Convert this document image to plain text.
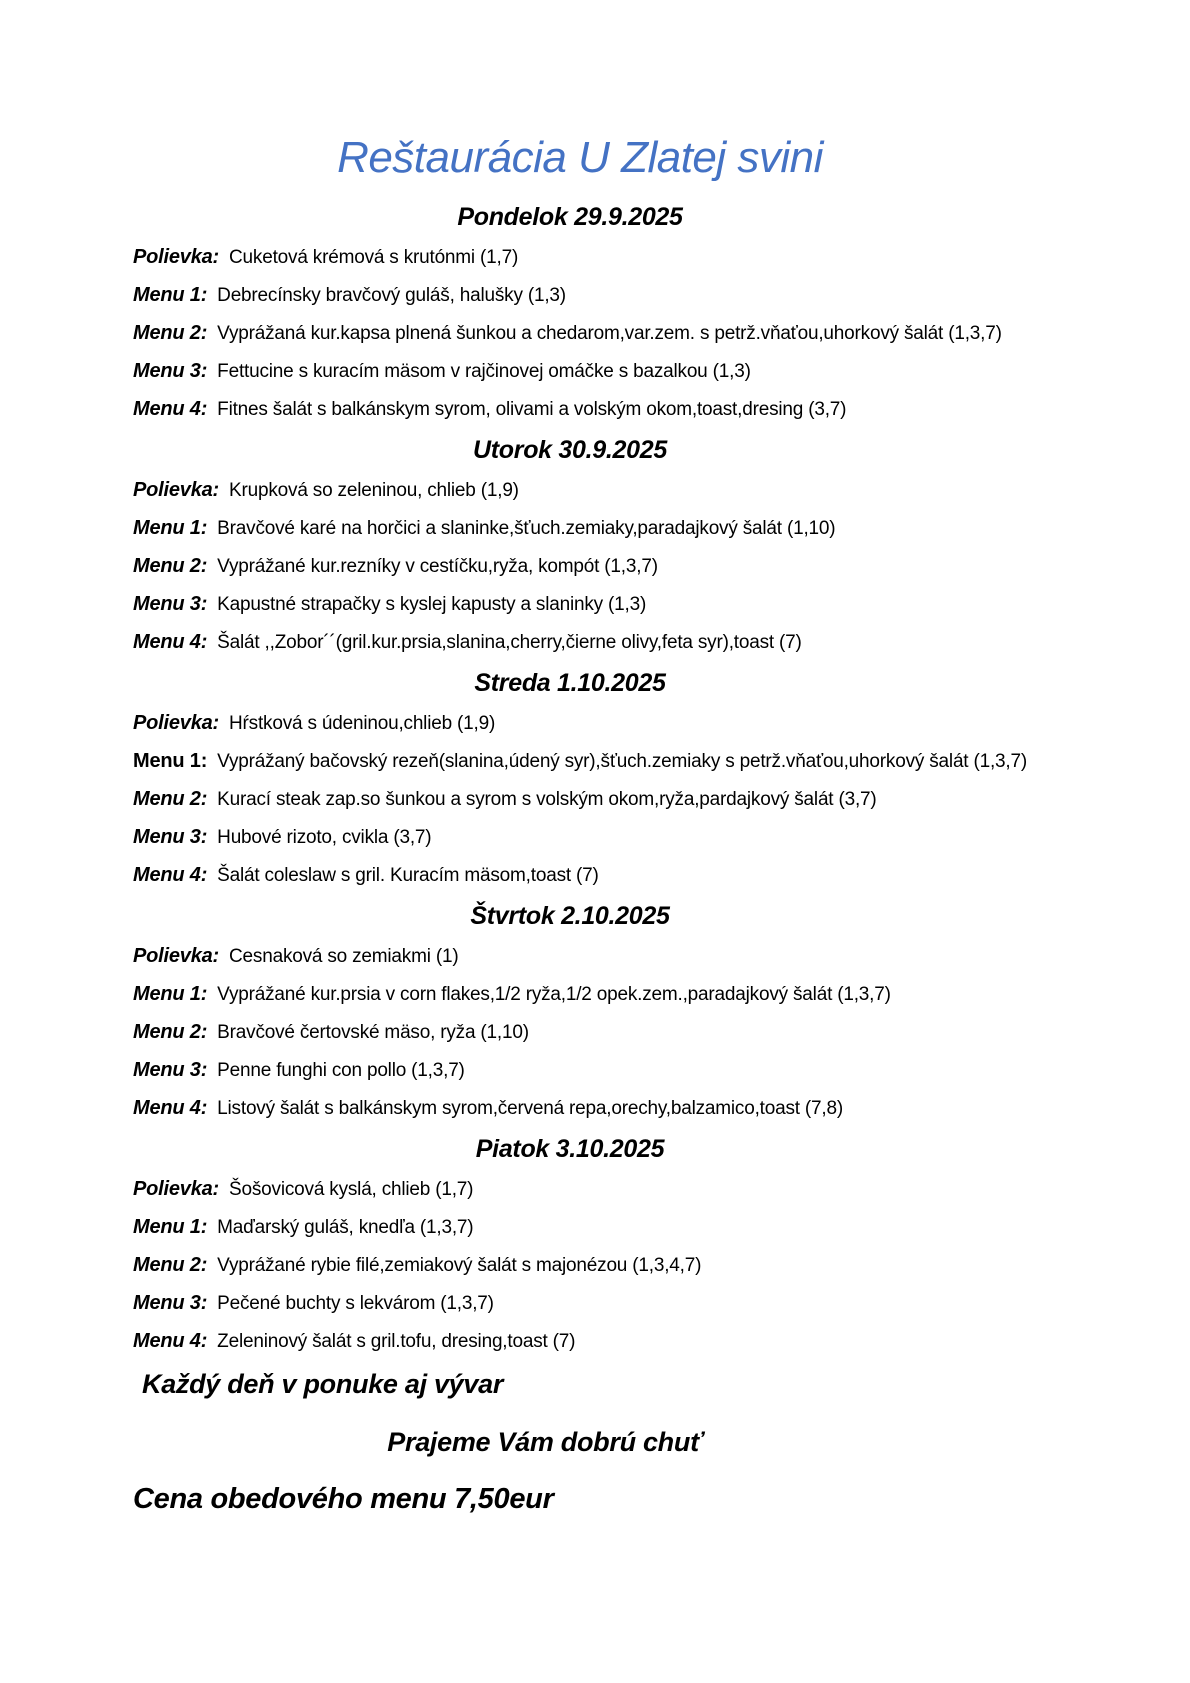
Reštaurácia U Zlatej svini
Pondelok 29.9.2025
Polievka: Cuketová krémová s krutónmi (1,7)
Menu 1: Debrecínsky bravčový guláš, halušky (1,3)
Menu 2: Vyprážaná kur.kapsa plnená šunkou a chedarom,var.zem. s petrž.vňaťou,uhorkový šalát (1,3,7)
Menu 3: Fettucine s kuracím mäsom v rajčinovej omáčke s bazalkou (1,3)
Menu 4: Fitnes šalát s balkánskym syrom, olivami a volským okom,toast,dresing (3,7)
Utorok 30.9.2025
Polievka: Krupková so zeleninou, chlieb (1,9)
Menu 1: Bravčové karé na horčici a slaninke,šťuch.zemiaky,paradajkový šalát (1,10)
Menu 2: Vyprážané kur.rezníky v cestíčku,ryža, kompót (1,3,7)
Menu 3: Kapustné strapačky s kyslej kapusty a slaninky (1,3)
Menu 4: Šalát ,,Zobor´´(gril.kur.prsia,slanina,cherry,čierne olivy,feta syr),toast (7)
Streda 1.10.2025
Polievka: Hŕstková s údeninou,chlieb (1,9)
Menu 1: Vyprážaný bačovský rezeň(slanina,údený syr),šťuch.zemiaky s petrž.vňaťou,uhorkový šalát (1,3,7)
Menu 2: Kurací steak zap.so šunkou a syrom s volským okom,ryža,pardajkový šalát (3,7)
Menu 3: Hubové rizoto, cvikla (3,7)
Menu 4: Šalát coleslaw s gril. Kuracím mäsom,toast (7)
Štvrtok 2.10.2025
Polievka: Cesnaková so zemiakmi (1)
Menu 1: Vyprážané kur.prsia v corn flakes,1/2 ryža,1/2 opek.zem.,paradajkový šalát (1,3,7)
Menu 2: Bravčové čertovské mäso, ryža (1,10)
Menu 3: Penne funghi con pollo (1,3,7)
Menu 4: Listový šalát s balkánskym syrom,červená repa,orechy,balzamico,toast (7,8)
Piatok 3.10.2025
Polievka: Šošovicová kyslá, chlieb (1,7)
Menu 1: Maďarský guláš, knedľa (1,3,7)
Menu 2: Vyprážané rybie filé,zemiakový šalát s majonézou (1,3,4,7)
Menu 3: Pečené buchty s lekvárom (1,3,7)
Menu 4: Zeleninový šalát s gril.tofu, dresing,toast (7)
Každý deň v ponuke aj vývar
Prajeme Vám dobrú chuť
Cena obedového menu 7,50eur
